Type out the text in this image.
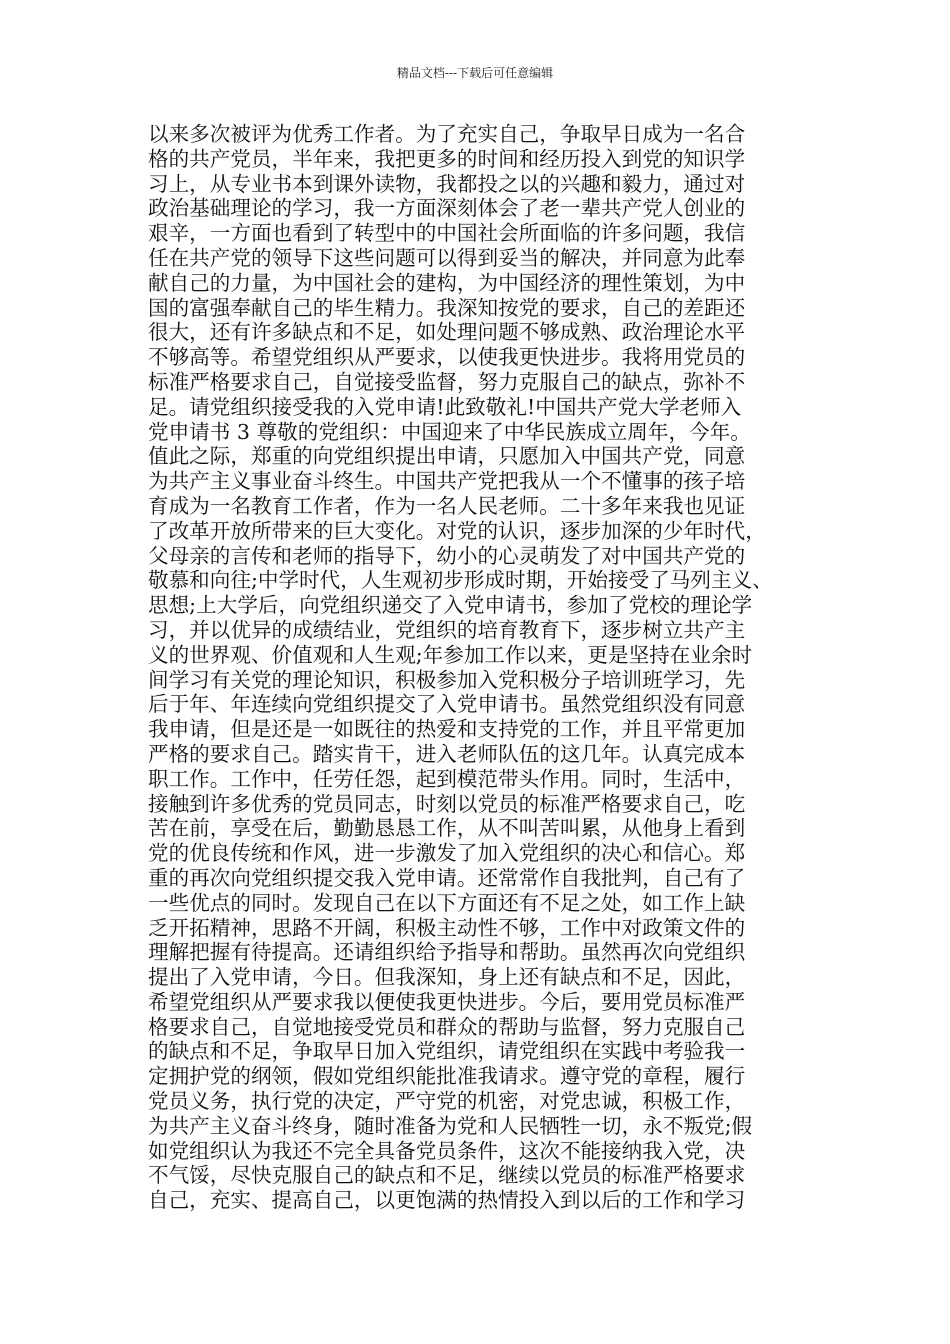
精品文档---下载后可任意编辑
以来多次被评为优秀工作者。为了充实自己，争取早日成为一名合
格的共产党员，半年来，我把更多的时间和经历投入到党的知识学
习上，从专业书本到课外读物，我都投之以的兴趣和毅力，通过对
政治基础理论的学习，我一方面深刻体会了老一辈共产党人创业的
艰辛，一方面也看到了转型中的中国社会所面临的许多问题，我信
任在共产党的领导下这些问题可以得到妥当的解决，并同意为此奉
献自己的力量，为中国社会的建构，为中国经济的理性策划，为中
国的富强奉献自己的毕生精力。我深知按党的要求，自己的差距还
很大，还有许多缺点和不足，如处理问题不够成熟、政治理论水平
不够高等。希望党组织从严要求，以使我更快进步。我将用党员的
标准严格要求自己，自觉接受监督，努力克服自己的缺点，弥补不
足。请党组织接受我的入党申请!此致敬礼!中国共产党大学老师入
党申请书 3 尊敬的党组织：中国迎来了中华民族成立周年，今年。
值此之际，郑重的向党组织提出申请，只愿加入中国共产党，同意
为共产主义事业奋斗终生。中国共产党把我从一个不懂事的孩子培
育成为一名教育工作者，作为一名人民老师。二十多年来我也见证
了改革开放所带来的巨大变化。对党的认识，逐步加深的少年时代，
父母亲的言传和老师的指导下，幼小的心灵萌发了对中国共产党的
敬慕和向往;中学时代，人生观初步形成时期，开始接受了马列主义、
思想;上大学后，向党组织递交了入党申请书，参加了党校的理论学
习，并以优异的成绩结业，党组织的培育教育下，逐步树立共产主
义的世界观、价值观和人生观;年参加工作以来，更是坚持在业余时
间学习有关党的理论知识，积极参加入党积极分子培训班学习，先
后于年、年连续向党组织提交了入党申请书。虽然党组织没有同意
我申请，但是还是一如既往的热爱和支持党的工作，并且平常更加
严格的要求自己。踏实肯干，进入老师队伍的这几年。认真完成本
职工作。工作中，任劳任怨，起到模范带头作用。同时，生活中，
接触到许多优秀的党员同志，时刻以党员的标准严格要求自己，吃
苦在前，享受在后，勤勤恳恳工作，从不叫苦叫累，从他身上看到
党的优良传统和作风，进一步激发了加入党组织的决心和信心。郑
重的再次向党组织提交我入党申请。还常常作自我批判，自己有了
一些优点的同时。发现自己在以下方面还有不足之处，如工作上缺
乏开拓精神，思路不开阔，积极主动性不够，工作中对政策文件的
理解把握有待提高。还请组织给予指导和帮助。虽然再次向党组织
提出了入党申请，今日。但我深知，身上还有缺点和不足，因此，
希望党组织从严要求我以便使我更快进步。今后，要用党员标准严
格要求自己，自觉地接受党员和群众的帮助与监督，努力克服自己
的缺点和不足，争取早日加入党组织，请党组织在实践中考验我一
定拥护党的纲领，假如党组织能批准我请求。遵守党的章程，履行
党员义务，执行党的决定，严守党的机密，对党忠诚，积极工作，
为共产主义奋斗终身，随时准备为党和人民牺牲一切，永不叛党;假
如党组织认为我还不完全具备党员条件，这次不能接纳我入党，决
不气馁，尽快克服自己的缺点和不足，继续以党员的标准严格要求
自己，充实、提高自己，以更饱满的热情投入到以后的工作和学习
